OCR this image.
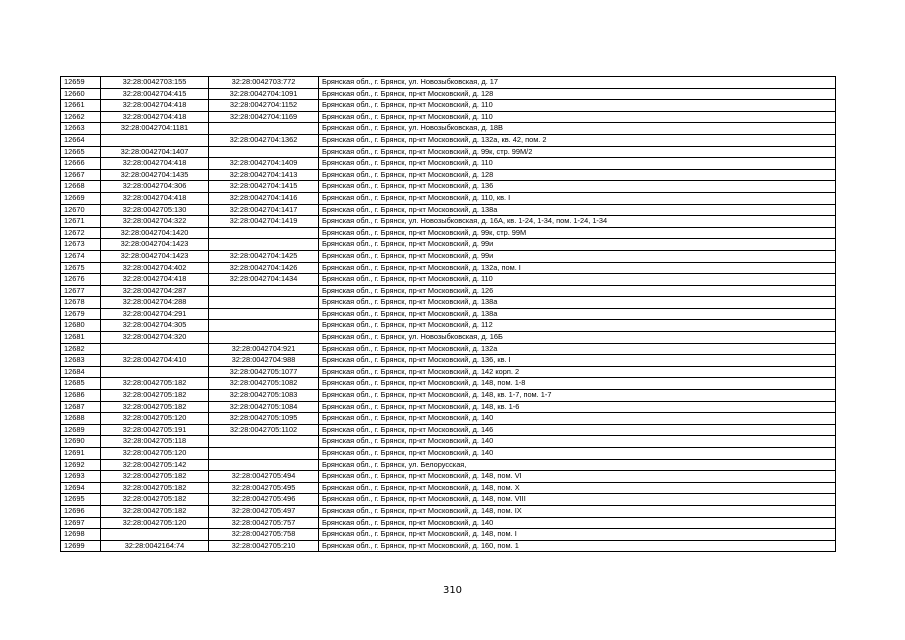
12659	32:28:0042703:155	32:28:0042703:772	Брянская обл., г. Брянск, ул. Новозыбковская, д. 17
12660	32:28:0042704:415	32:28:0042704:1091	Брянская обл., г. Брянск, пр-кт Московский, д. 128
12661	32:28:0042704:418	32:28:0042704:1152	Брянская обл., г. Брянск, пр-кт Московский, д. 110
12662	32:28:0042704:418	32:28:0042704:1169	Брянская обл., г. Брянск, пр-кт Московский, д. 110
12663	32:28:0042704:1181		Брянская обл., г. Брянск, ул. Новозыбковская, д. 18В
12664		32:28:0042704:1362	Брянская обл., г. Брянск, пр-кт Московский, д. 132а, кв. 42, пом. 2
12665	32:28:0042704:1407		Брянская обл., г. Брянск, пр-кт Московский, д. 99к, стр. 99М/2
12666	32:28:0042704:418	32:28:0042704:1409	Брянская обл., г. Брянск, пр-кт Московский, д. 110
12667	32:28:0042704:1435	32:28:0042704:1413	Брянская обл., г. Брянск, пр-кт Московский, д. 128
12668	32:28:0042704:306	32:28:0042704:1415	Брянская обл., г. Брянск, пр-кт Московский, д. 136
12669	32:28:0042704:418	32:28:0042704:1416	Брянская обл., г. Брянск, пр-кт Московский, д. 110, кв. I
12670	32:28:0042705:130	32:28:0042704:1417	Брянская обл., г. Брянск, пр-кт Московский, д. 138а
12671	32:28:0042704:322	32:28:0042704:1419	Брянская обл., г. Брянск, ул. Новозыбковская, д. 16А, кв. 1-24, 1-34, пом. 1-24, 1-34
12672	32:28:0042704:1420		Брянская обл., г. Брянск, пр-кт Московский, д. 99к, стр. 99М
12673	32:28:0042704:1423		Брянская обл., г. Брянск, пр-кт Московский, д. 99и
12674	32:28:0042704:1423	32:28:0042704:1425	Брянская обл., г. Брянск, пр-кт Московский, д. 99и
12675	32:28:0042704:402	32:28:0042704:1426	Брянская обл., г. Брянск, пр-кт Московский, д. 132а, пом. I
12676	32:28:0042704:418	32:28:0042704:1434	Брянская обл., г. Брянск, пр-кт Московский, д. 110
12677	32:28:0042704:287		Брянская обл., г. Брянск, пр-кт Московский, д. 126
12678	32:28:0042704:288		Брянская обл., г. Брянск, пр-кт Московский, д. 138а
12679	32:28:0042704:291		Брянская обл., г. Брянск, пр-кт Московский, д. 138а
12680	32:28:0042704:305		Брянская обл., г. Брянск, пр-кт Московский, д. 112
12681	32:28:0042704:320		Брянская обл., г. Брянск, ул. Новозыбковская, д. 16Б
12682		32:28:0042704:921	Брянская обл., г. Брянск, пр-кт Московский, д. 132а
12683	32:28:0042704:410	32:28:0042704:988	Брянская обл., г. Брянск, пр-кт Московский, д. 136, кв. I
12684		32:28:0042705:1077	Брянская обл., г. Брянск, пр-кт Московский, д. 142 корп. 2
12685	32:28:0042705:182	32:28:0042705:1082	Брянская обл., г. Брянск, пр-кт Московский, д. 148, пом. 1-8
12686	32:28:0042705:182	32:28:0042705:1083	Брянская обл., г. Брянск, пр-кт Московский, д. 148, кв. 1-7, пом. 1-7
12687	32:28:0042705:182	32:28:0042705:1084	Брянская обл., г. Брянск, пр-кт Московский, д. 148, кв. 1-6
12688	32:28:0042705:120	32:28:0042705:1095	Брянская обл., г. Брянск, пр-кт Московский, д. 140
12689	32:28:0042705:191	32:28:0042705:1102	Брянская обл., г. Брянск, пр-кт Московский, д. 146
12690	32:28:0042705:118		Брянская обл., г. Брянск, пр-кт Московский, д. 140
12691	32:28:0042705:120		Брянская обл., г. Брянск, пр-кт Московский, д. 140
12692	32:28:0042705:142		Брянская обл., г. Брянск, ул. Белорусская,
12693	32:28:0042705:182	32:28:0042705:494	Брянская обл., г. Брянск, пр-кт Московский, д. 148, пом. VI
12694	32:28:0042705:182	32:28:0042705:495	Брянская обл., г. Брянск, пр-кт Московский, д. 148, пом. X
12695	32:28:0042705:182	32:28:0042705:496	Брянская обл., г. Брянск, пр-кт Московский, д. 148, пом. VIII
12696	32:28:0042705:182	32:28:0042705:497	Брянская обл., г. Брянск, пр-кт Московский, д. 148, пом. IX
12697	32:28:0042705:120	32:28:0042705:757	Брянская обл., г. Брянск, пр-кт Московский, д. 140
12698		32:28:0042705:758	Брянская обл., г. Брянск, пр-кт Московский, д. 148, пом. I
12699	32:28:0042164:74	32:28:0042705:210	Брянская обл., г. Брянск, пр-кт Московский, д. 160, пом. 1
310
